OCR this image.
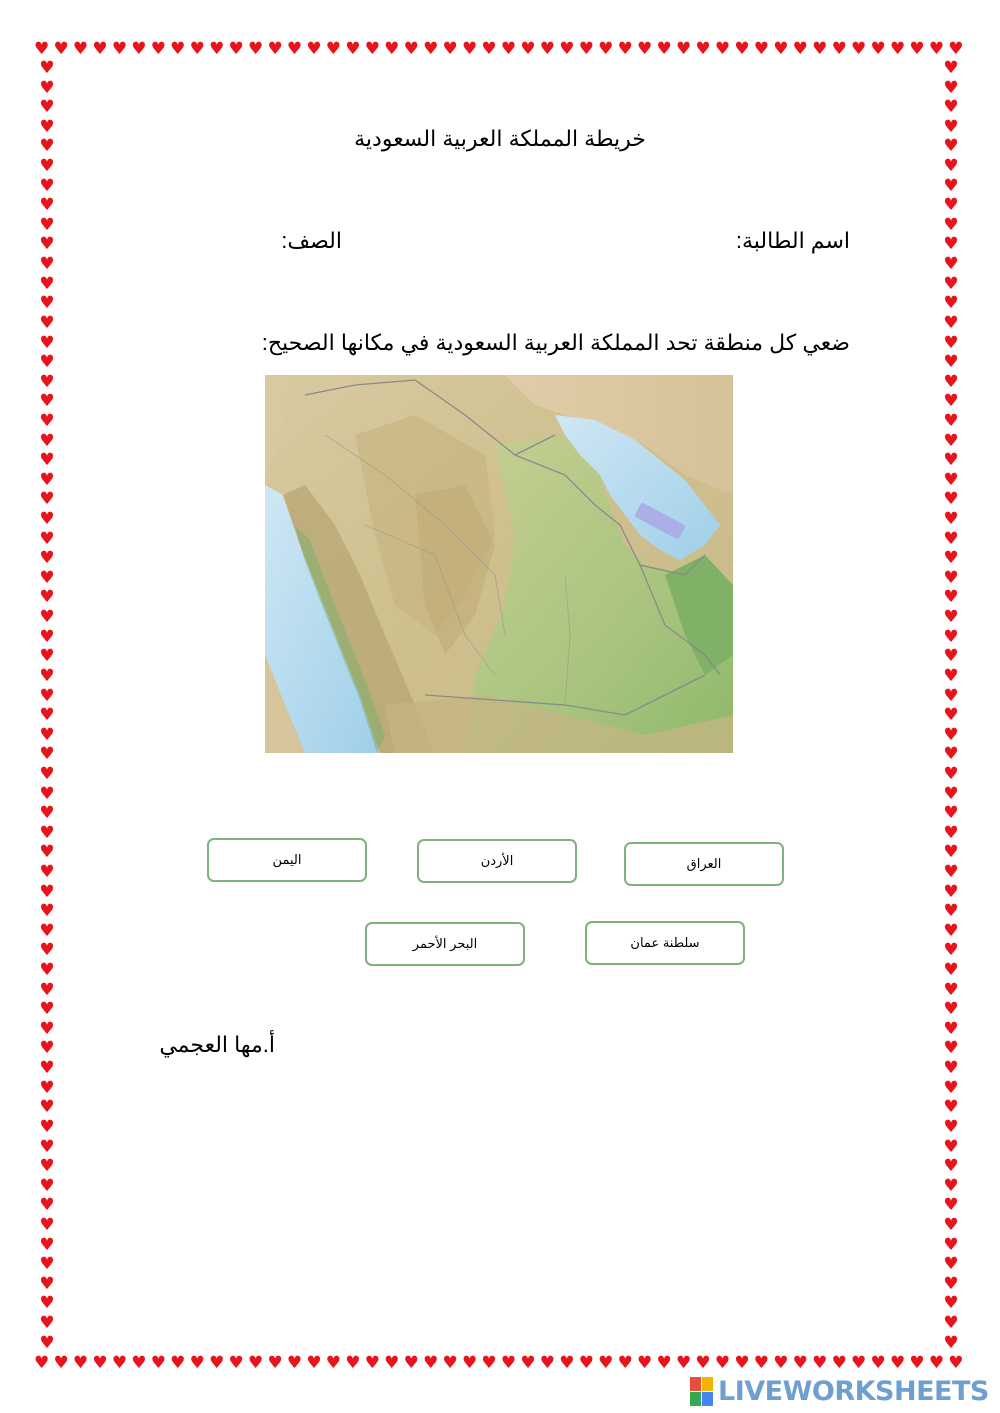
♥ ♥ ♥ ♥ ♥ ♥ ♥ ♥ ♥ ♥ ♥ ♥ ♥ ♥ ♥ ♥ ♥ ♥ ♥ ♥ ♥ ♥ ♥ ♥ ♥ ♥ ♥ ♥ ♥ ♥ ♥ ♥ ♥ ♥ ♥ ♥ ♥ ♥ ♥ ♥ ♥ ♥ ♥ ♥ ♥ ♥ ♥ ♥
♥ ♥ ♥ ♥ ♥ ♥ ♥ ♥ ♥ ♥ ♥ ♥ ♥ ♥ ♥ ♥ ♥ ♥ ♥ ♥ ♥ ♥ ♥ ♥ ♥ ♥ ♥ ♥ ♥ ♥ ♥ ♥ ♥ ♥ ♥ ♥ ♥ ♥ ♥ ♥ ♥ ♥ ♥ ♥ ♥ ♥ ♥ ♥
♥
♥
♥
♥
♥
♥
♥
♥
♥
♥
♥
♥
♥
♥
♥
♥
♥
♥
♥
♥
♥
♥
♥
♥
♥
♥
♥
♥
♥
♥
♥
♥
♥
♥
♥
♥
♥
♥
♥
♥
♥
♥
♥
♥
♥
♥
♥
♥
♥
♥
♥
♥
♥
♥
♥
♥
♥
♥
♥
♥
♥
♥
♥
♥
♥
♥
♥
♥
♥
♥
♥
♥
♥
♥
♥
♥
♥
♥
♥
♥
♥
♥
♥
♥
♥
♥
♥
♥
♥
♥
♥
♥
♥
♥
♥
♥
♥
♥
♥
♥
♥
♥
♥
♥
♥
♥
♥
♥
♥
♥
♥
♥
♥
♥
♥
♥
♥
♥
♥
♥
♥
♥
♥
♥
♥
♥
♥
♥
♥
♥
♥
♥
خريطة المملكة العربية السعودية
اسم الطالبة:
الصف:
ضعي كل منطقة تحد المملكة العربية السعودية في مكانها الصحيح:
اليمن	الأردن	العراق
البحر الأحمر	سلطنة عمان
أ.مها العجمي
LIVEWORKSHEETS
